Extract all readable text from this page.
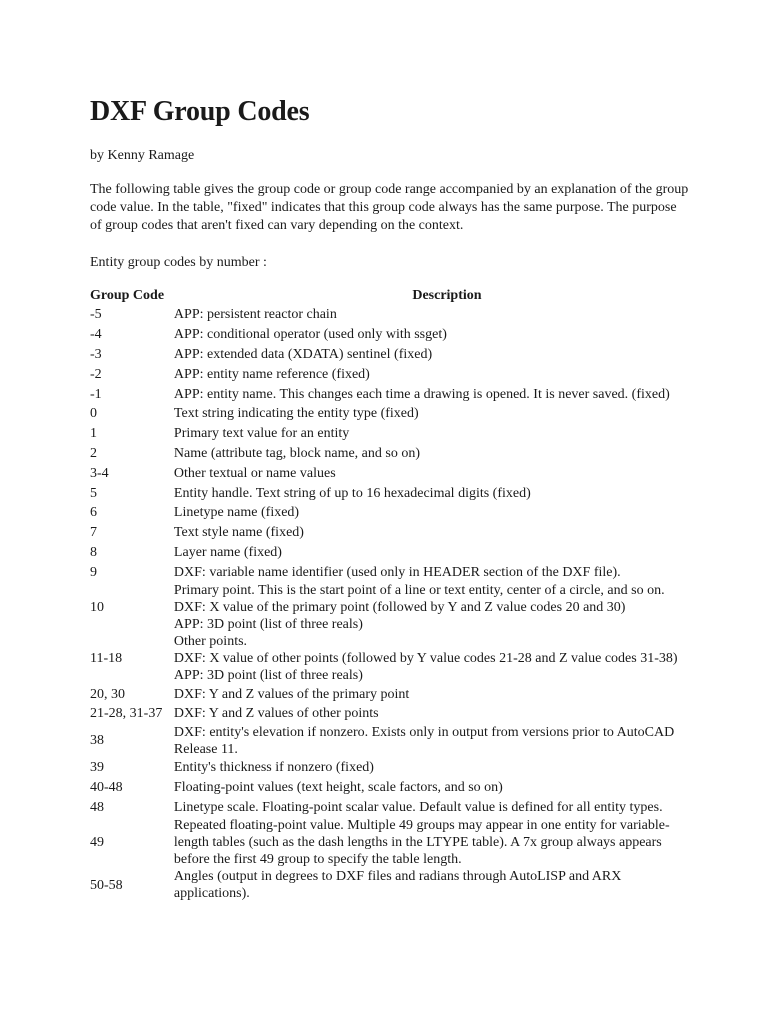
DXF Group Codes
by Kenny Ramage
The following table gives the group code or group code range accompanied by an explanation of the group code value. In the table, "fixed" indicates that this group code always has the same purpose. The purpose of group codes that aren't fixed can vary depending on the context.
Entity group codes by number :
Group Code	Description
-5	APP: persistent reactor chain

-4	APP: conditional operator (used only with ssget)

-3	APP: extended data (XDATA) sentinel (fixed)

-2	APP: entity name reference (fixed)

-1	APP: entity name. This changes each time a drawing is opened. It is never saved. (fixed)

0	Text string indicating the entity type (fixed)

1	Primary text value for an entity

2	Name (attribute tag, block name, and so on)

3-4	Other textual or name values

5	Entity handle. Text string of up to 16 hexadecimal digits (fixed)

6	Linetype name (fixed)

7	Text style name (fixed)

8	Layer name (fixed)

9	DXF: variable name identifier (used only in HEADER section of the DXF file).

10	Primary point. This is the start point of a line or text entity, center of a circle, and so on.
DXF: X value of the primary point (followed by Y and Z value codes 20 and 30)
APP: 3D point (list of three reals)

11-18	Other points.
DXF: X value of other points (followed by Y value codes 21-28 and Z value codes 31-38)
APP: 3D point (list of three reals)

20, 30	DXF: Y and Z values of the primary point

21-28, 31-37	DXF: Y and Z values of other points

38	DXF: entity's elevation if nonzero. Exists only in output from versions prior to AutoCAD
Release 11.

39	Entity's thickness if nonzero (fixed)

40-48	Floating-point values (text height, scale factors, and so on)

48	Linetype scale. Floating-point scalar value. Default value is defined for all entity types.

49	Repeated floating-point value. Multiple 49 groups may appear in one entity for variable-
length tables (such as the dash lengths in the LTYPE table). A 7x group always appears
before the first 49 group to specify the table length.

50-58	Angles (output in degrees to DXF files and radians through AutoLISP and ARX
applications).
